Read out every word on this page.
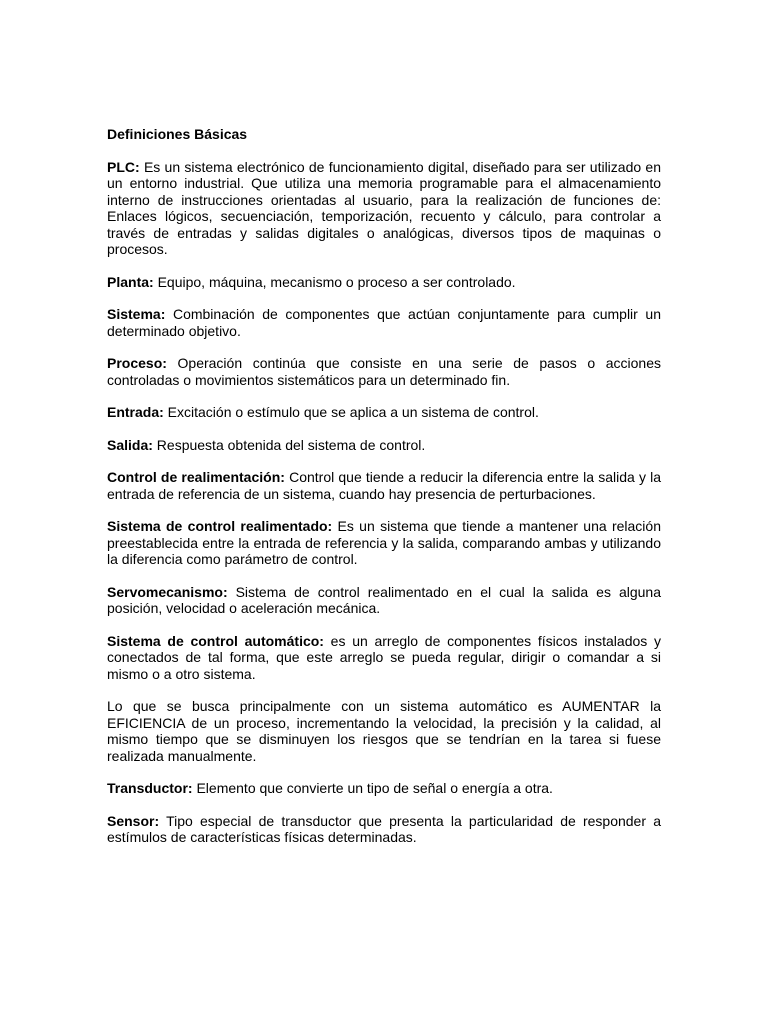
Definiciones Básicas

PLC: Es un sistema electrónico de funcionamiento digital, diseñado para ser utilizado en un entorno industrial. Que utiliza una memoria programable para el almacenamiento interno de instrucciones orientadas al usuario, para la realización de funciones de: Enlaces lógicos, secuenciación, temporización, recuento y cálculo, para controlar a través de entradas y salidas digitales o analógicas, diversos tipos de maquinas o procesos.

Planta: Equipo, máquina, mecanismo o proceso a ser controlado.

Sistema: Combinación de componentes que actúan conjuntamente para cumplir un determinado objetivo.

Proceso: Operación continúa que consiste en una serie de pasos o acciones controladas o movimientos sistemáticos para un determinado fin.

Entrada: Excitación o estímulo que se aplica a un sistema de control.

Salida: Respuesta obtenida del sistema de control.

Control de realimentación: Control que tiende a reducir la diferencia entre la salida y la entrada de referencia de un sistema, cuando hay presencia de perturbaciones.

Sistema de control realimentado: Es un sistema que tiende a mantener una relación preestablecida entre la entrada de referencia y la salida, comparando ambas y utilizando la diferencia como parámetro de control.

Servomecanismo: Sistema de control realimentado en el cual la salida es alguna posición, velocidad o aceleración mecánica.

Sistema de control automático: es un arreglo de componentes físicos instalados y conectados de tal forma, que este arreglo se pueda regular, dirigir o comandar a si mismo o a otro sistema.

Lo que se busca principalmente con un sistema automático es AUMENTAR la EFICIENCIA de un proceso, incrementando la velocidad, la precisión y la calidad, al mismo tiempo que se disminuyen los riesgos que se tendrían en la tarea si fuese realizada manualmente.

Transductor: Elemento que convierte un tipo de señal o energía a otra.

Sensor: Tipo especial de transductor que presenta la particularidad de responder a estímulos de características físicas determinadas.
